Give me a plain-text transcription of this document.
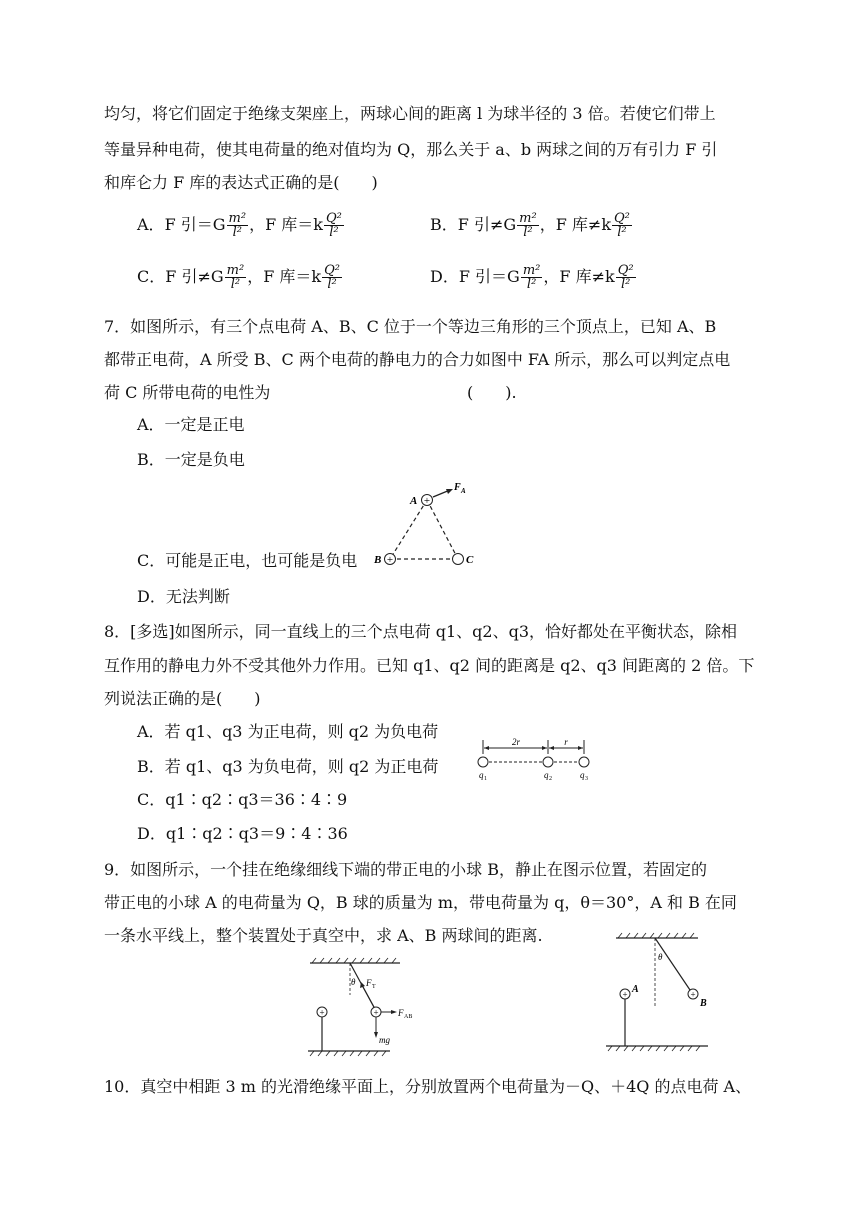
均匀，将它们固定于绝缘支架座上，两球心间的距离 l 为球半径的 3 倍。若使它们带上
等量异种电荷，使其电荷量的绝对值均为 Q，那么关于 a、b 两球之间的万有引力 F 引
和库仑力 F 库的表达式正确的是(　　)
A．F 引$=G \frac{\text{m²}}{\text{l²}}$ ，F 库$=k \frac{\text{Q²}}{\text{l²}}$	B．F 引$\ne G \frac{\text{m²}}{\text{l²}}$ ，F 库$\ne k \frac{\text{Q²}}{\text{l²}}$
C．F 引$\ne G \frac{\text{m²}}{\text{l²}}$ ，F 库$=k \frac{\text{Q²}}{\text{l²}}$	D．F 引$=G \frac{\text{m²}}{\text{l²}}$ ，F 库$\ne k \frac{\text{Q²}}{\text{l²}}$
7．如图所示，有三个点电荷 A、B、C 位于一个等边三角形的三个顶点上，已知 A、B
都带正电荷，A 所受 B、C 两个电荷的静电力的合力如图中 FA 所示，那么可以判定点电
荷 C 所带电荷的电性为	(　　).
A．一定是正电
B．一定是负电
C．可能是正电，也可能是负电
D．无法判断
+
+
A
B	C
F A
8．[多选]如图所示，同一直线上的三个点电荷 q1、q2、q3，恰好都处在平衡状态，除相
互作用的静电力外不受其他外力作用。已知 q1、q2 间的距离是 q2、q3 间距离的 2 倍。下
列说法正确的是(　　)
A．若 q1、q3 为正电荷，则 q2 为负电荷
B．若 q1、q3 为负电荷，则 q2 为正电荷
C．q1∶q2∶q3＝36∶4∶9
D．q1∶q2∶q3＝9∶4∶36
2r	r
q 1	q 2	q 3
9．如图所示，一个挂在绝缘细线下端的带正电的小球 B，静止在图示位置，若固定的
带正电的小球 A 的电荷量为 Q，B 球的质量为 m，带电荷量为 q，θ＝30°，A 和 B 在同
一条水平线上，整个装置处于真空中，求 A、B 两球间的距离.
θ F T
+ F AB
mg
+
θ
+
B
+ A
10．真空中相距 3 m 的光滑绝缘平面上，分别放置两个电荷量为－Q、＋4Q 的点电荷 A、
